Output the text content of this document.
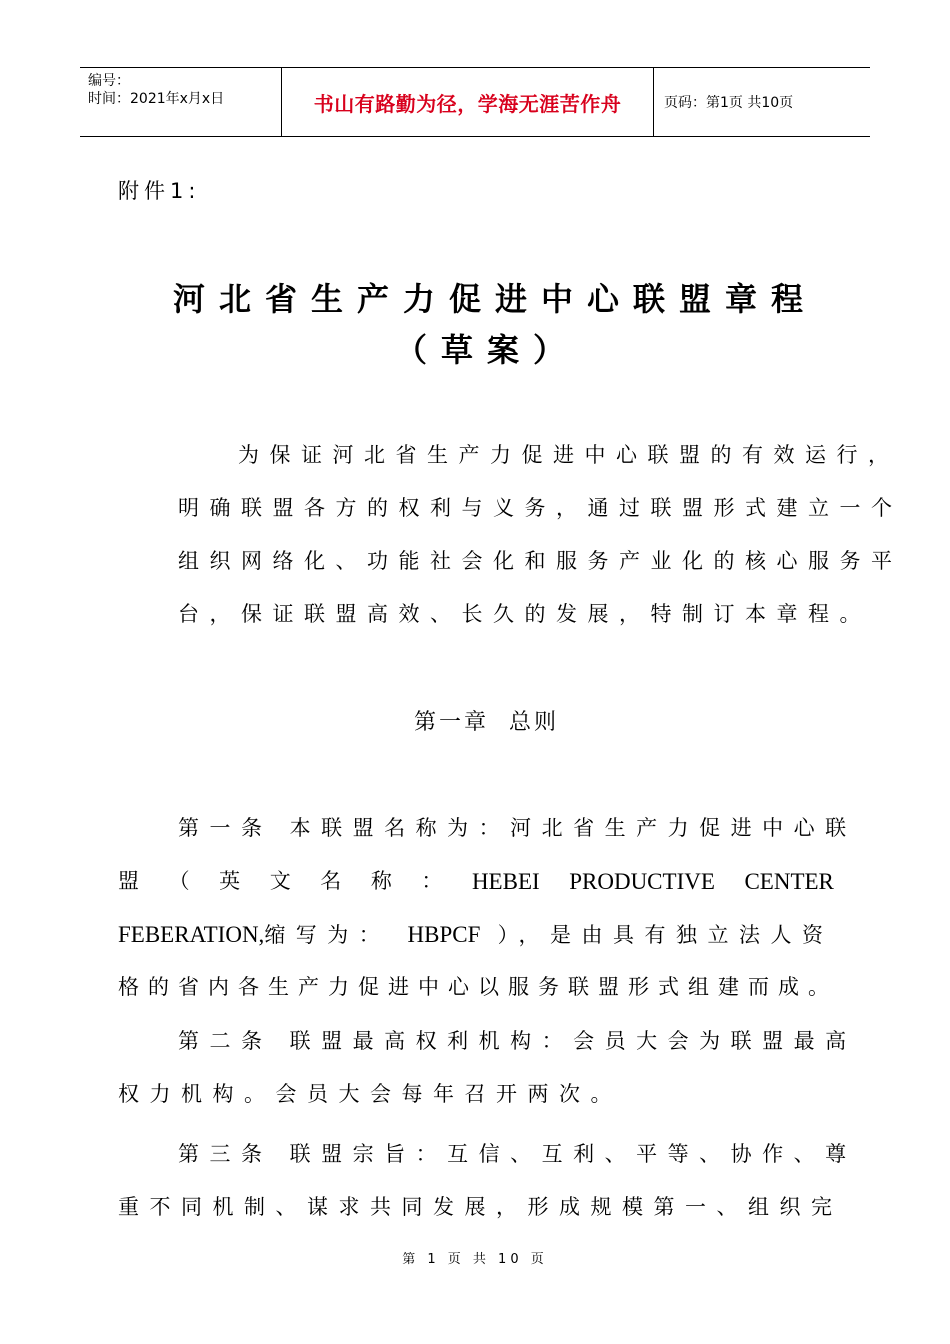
编号：
时间：2021年x月x日	书山有路勤为径，学海无涯苦作舟	页码：第1页 共10页
附件1:
河北省生产力促进中心联盟章程
（草案）
为保证河北省生产力促进中心联盟的有效运行，
明确联盟各方的权利与义务，通过联盟形式建立一个
组织网络化、功能社会化和服务产业化的核心服务平
台，保证联盟高效、长久的发展，特制订本章程。
第一章 总则
第一条 本联盟名称为：河北省生产力促进中心联
盟 （ 英 文 名 称 ： HEBEI PRODUCTIVE CENTER
FEBERATION,缩写为： HBPCF ），是由具有独立法人资
格的省内各生产力促进中心以服务联盟形式组建而成。
第二条 联盟最高权利机构：会员大会为联盟最高
权力机构。会员大会每年召开两次。
第三条 联盟宗旨：互信、互利、平等、协作、尊
重不同机制、谋求共同发展，形成规模第一、组织完
第 1 页 共 10 页
